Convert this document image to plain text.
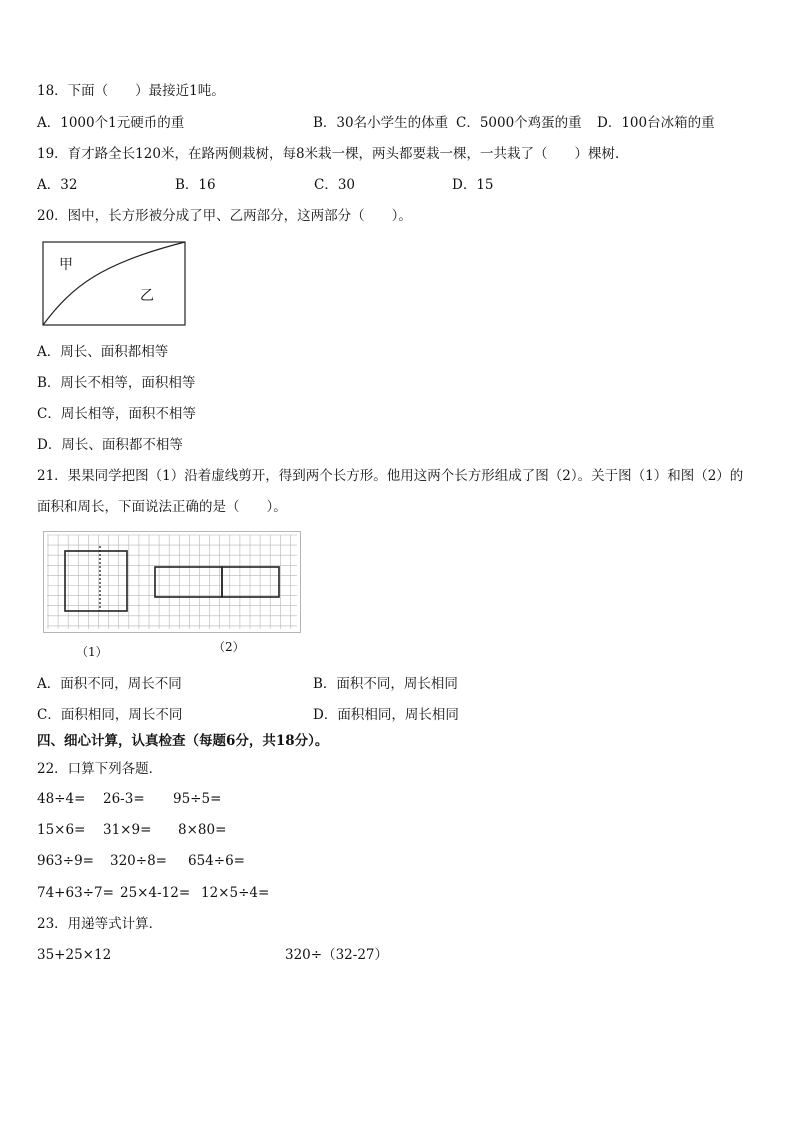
18．下面（　　）最接近1吨。
A．1000个1元硬币的重	B．30名小学生的体重 C．5000个鸡蛋的重 D．100台冰箱的重
19．育才路全长120米，在路两侧栽树，每8米栽一棵，两头都要栽一棵，一共栽了（　　）棵树．
A．32	B．16	C．30	D．15
20．图中，长方形被分成了甲、乙两部分，这两部分（　　）。
甲
乙
A．周长、面积都相等
B．周长不相等，面积相等
C．周长相等，面积不相等
D．周长、面积都不相等
21．果果同学把图（1）沿着虚线剪开，得到两个长方形。他用这两个长方形组成了图（2）。关于图（1）和图（2）的
面积和周长，下面说法正确的是（　　）。
（1）	（2）
A．面积不同，周长不同	B．面积不同，周长相同
C．面积相同，周长不同	D．面积相同，周长相同
四、细心计算，认真检查（每题6分，共18分）。
22．口算下列各题．
48÷4= 26-3= 95÷5=
15×6= 31×9= 8×80=
963÷9= 320÷8= 654÷6=
74+63÷7= 25×4-12= 12×5÷4=
23．用递等式计算．
35+25×12	320÷（32-27）
